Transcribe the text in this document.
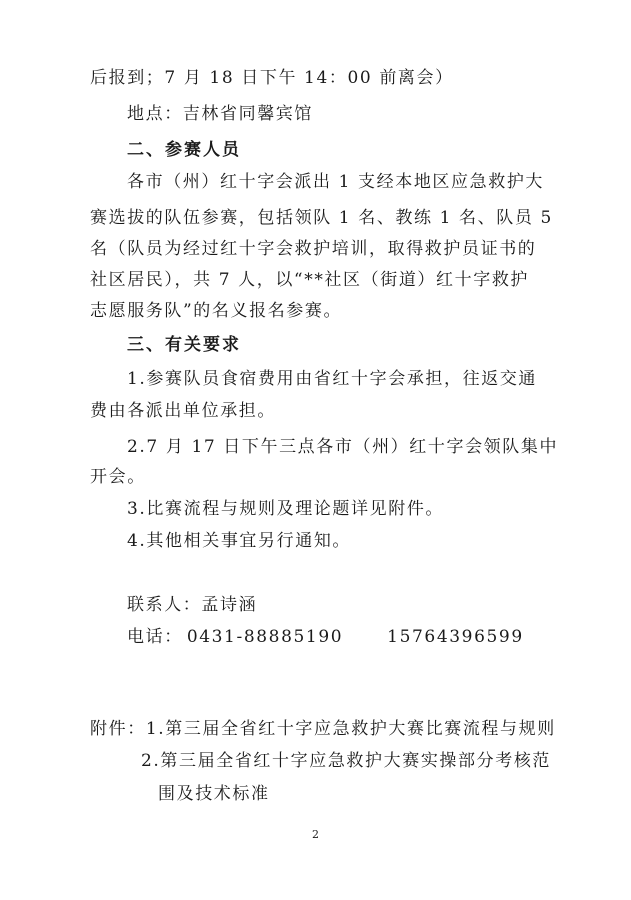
后报到；7 月 18 日下午 14：00 前离会）
地点：吉林省同馨宾馆
二、参赛人员
各市（州）红十字会派出 1 支经本地区应急救护大
赛选拔的队伍参赛，包括领队 1 名、教练 1 名、队员 5
名（队员为经过红十字会救护培训，取得救护员证书的
社区居民），共 7 人，以“**社区（街道）红十字救护
志愿服务队”的名义报名参赛。
三、有关要求
1.参赛队员食宿费用由省红十字会承担，往返交通
费由各派出单位承担。
2.7 月 17 日下午三点各市（州）红十字会领队集中
开会。
3.比赛流程与规则及理论题详见附件。
4.其他相关事宜另行通知。
联系人：孟诗涵
电话： 0431-88885190	15764396599
附件：1.第三届全省红十字应急救护大赛比赛流程与规则
2.第三届全省红十字应急救护大赛实操部分考核范
围及技术标准
2
